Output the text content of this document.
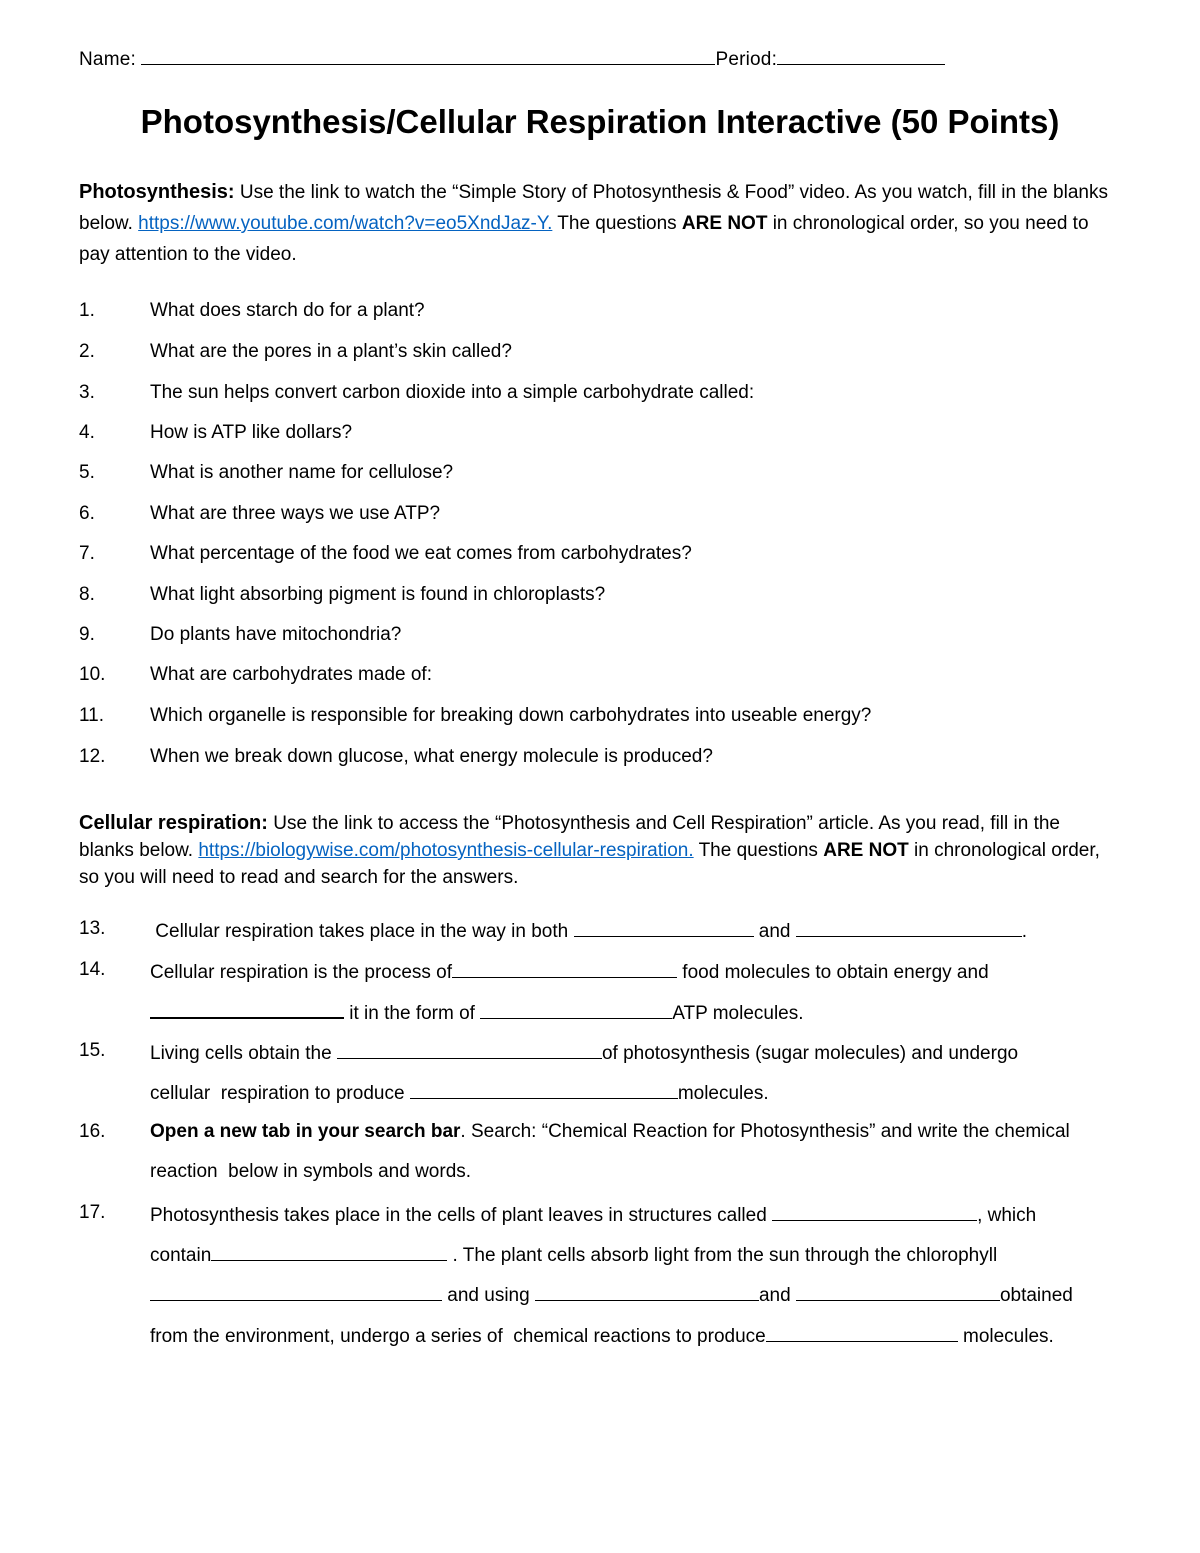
Name:	Period:
Photosynthesis/Cellular Respiration Interactive (50 Points)
Photosynthesis: Use the link to watch the “Simple Story of Photosynthesis & Food” video. As you watch, fill in the blanks below. https://www.youtube.com/watch?v=eo5XndJaz-Y. The questions ARE NOT in chronological order, so you need to pay attention to the video.
1.	What does starch do for a plant?
2.	What are the pores in a plant’s skin called?
3.	The sun helps convert carbon dioxide into a simple carbohydrate called:
4.	How is ATP like dollars?
5.	What is another name for cellulose?
6.	What are three ways we use ATP?
7.	What percentage of the food we eat comes from carbohydrates?
8.	What light absorbing pigment is found in chloroplasts?
9.	Do plants have mitochondria?
10.	What are carbohydrates made of:
11.	Which organelle is responsible for breaking down carbohydrates into useable energy?
12.	When we break down glucose, what energy molecule is produced?
Cellular respiration: Use the link to access the “Photosynthesis and Cell Respiration” article. As you read, fill in the blanks below. https://biologywise.com/photosynthesis-cellular-respiration. The questions ARE NOT in chronological order, so you will need to read and search for the answers.
13.	Cellular respiration takes place in the way in both	and	.
14.	Cellular respiration is the process of	food molecules to obtain energy and
it in the form of	ATP molecules.
15.	Living cells obtain the	of photosynthesis (sugar molecules) and undergo
cellular  respiration to produce	molecules.
16.	Open a new tab in your search bar. Search: “Chemical Reaction for Photosynthesis” and write the chemical
reaction  below in symbols and words.
17.	Photosynthesis takes place in the cells of plant leaves in structures called	, which
contain	. The plant cells absorb light from the sun through the chlorophyll
and using	and	obtained
from the environment, undergo a series of  chemical reactions to produce	molecules.
